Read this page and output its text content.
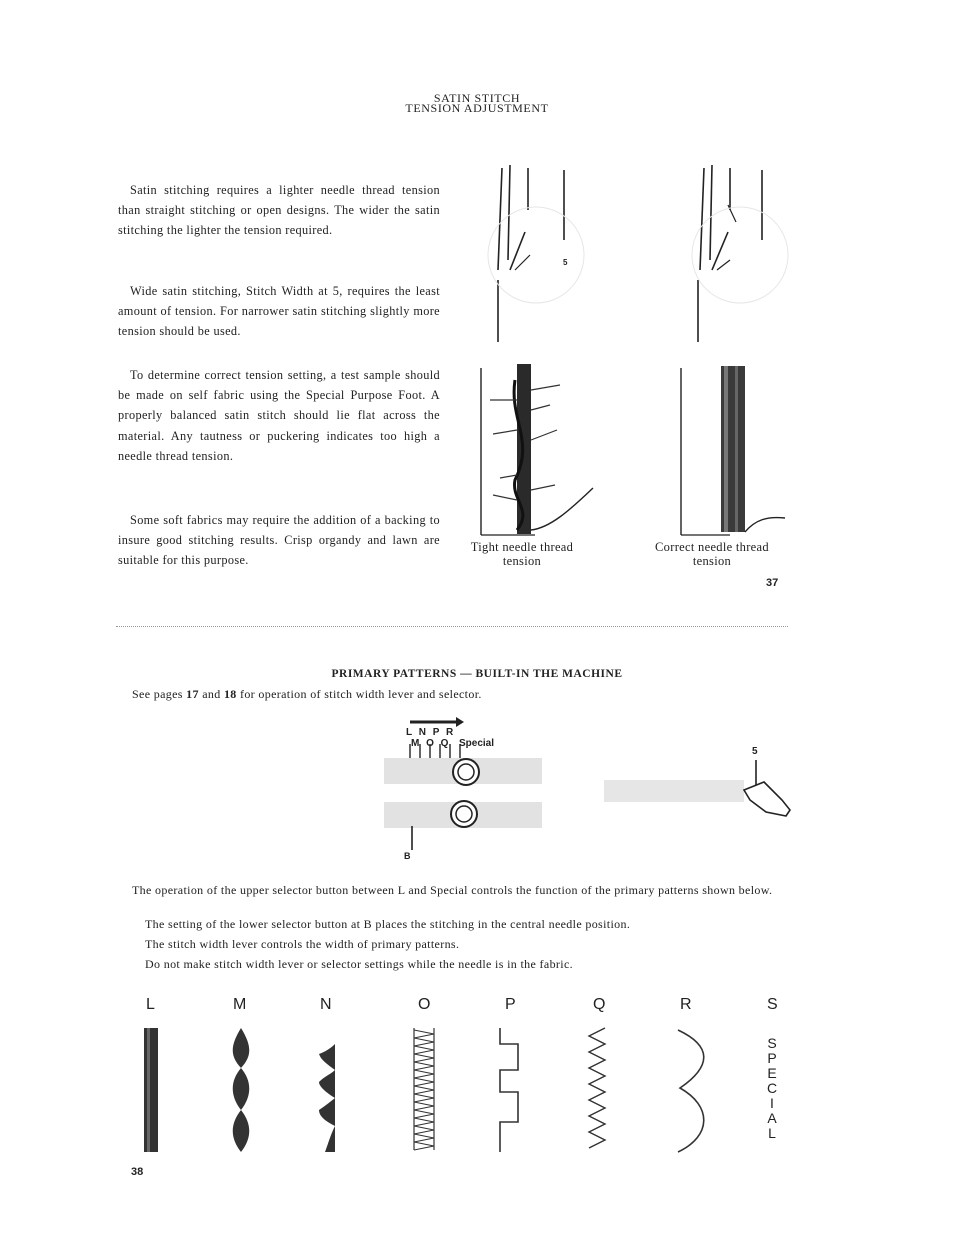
SATIN STITCH
TENSION ADJUSTMENT
Satin stitching requires a lighter needle thread tension than straight stitching or open designs. The wider the satin stitching the lighter the tension required.
Wide satin stitching, Stitch Width at 5, requires the least amount of tension. For narrower satin stitching slightly more tension should be used.
To determine correct tension setting, a test sample should be made on self fabric using the Special Purpose Foot. A properly balanced satin stitch should lie flat across the material. Any tautness or puckering indicates too high a needle thread tension.
Some soft fabrics may require the addition of a backing to insure good stitching results. Crisp organdy and lawn are suitable for this purpose.
5
Tight needle thread
tension
Correct needle thread
tension
37
PRIMARY PATTERNS — BUILT-IN THE MACHINE
See pages 17 and 18 for operation of stitch width lever and selector.
L N P R
M O Q Special
B
5
The operation of the upper selector button between L and Special controls the function of the primary patterns shown below.
The setting of the lower selector button at B places the stitching in the central needle position.
The stitch width lever controls the width of primary patterns.
Do not make stitch width lever or selector settings while the needle is in the fabric.
L	M	N	O	P	Q	R	S
S
P
E
C
I
A
L
38
